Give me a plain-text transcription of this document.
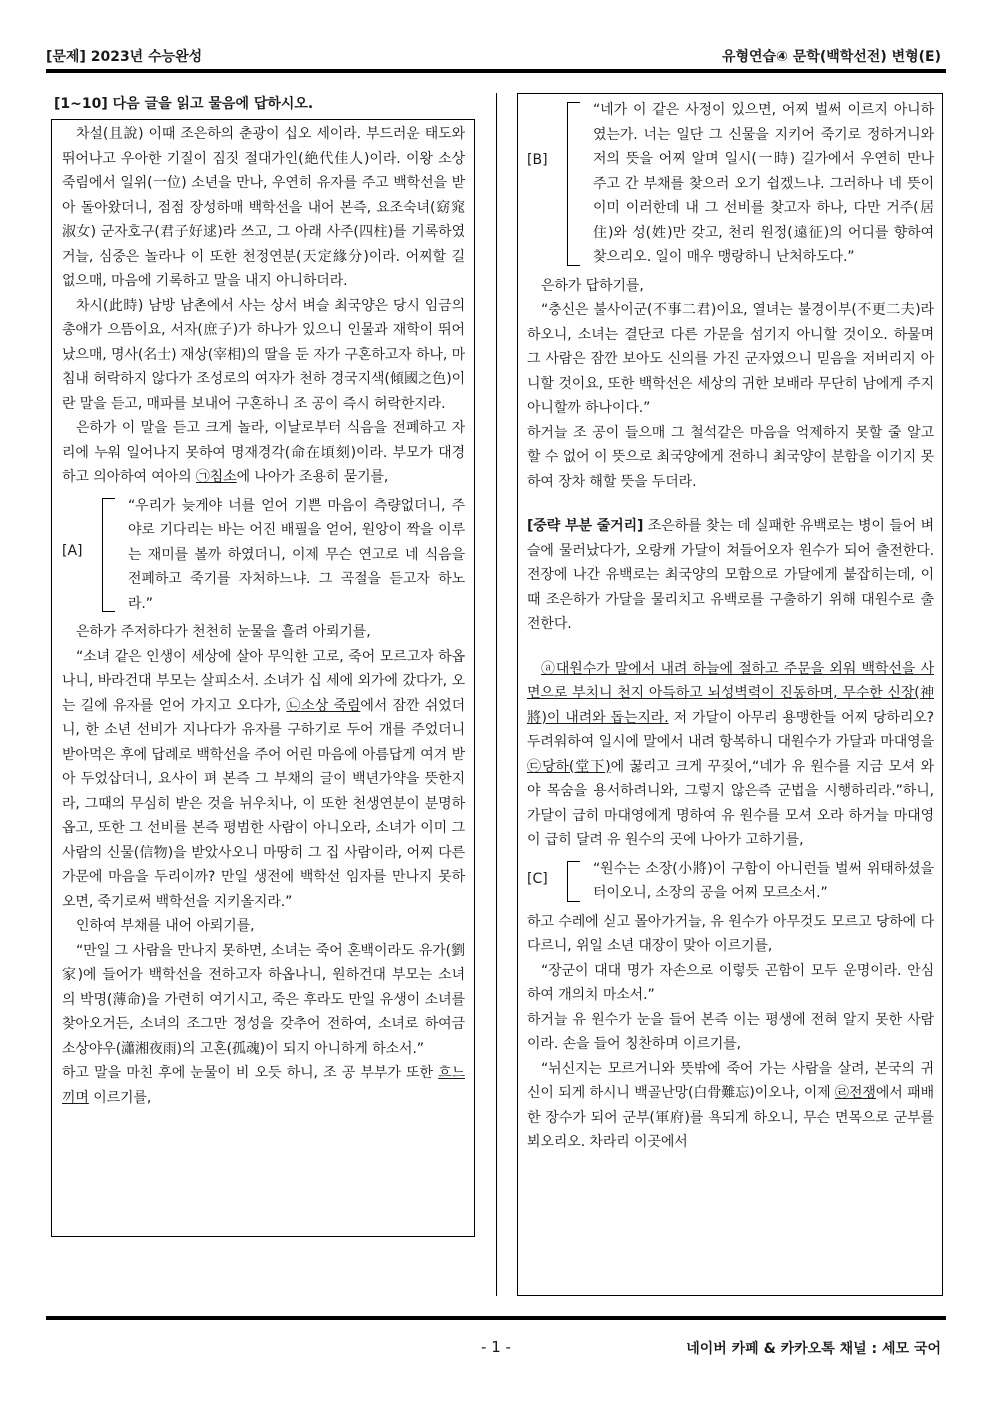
[문제] 2023년 수능완성	유형연습④ 문학(백학선전) 변형(E)
[1~10] 다음 글을 읽고 물음에 답하시오.

차설(且說) 이때 조은하의 춘광이 십오 세이라. 부드러운 태도와 뛰어나고 우아한 기질이 짐짓 절대가인(絶代佳人)이라. 이왕 소상 죽림에서 일위(一位) 소년을 만나, 우연히 유자를 주고 백학선을 받아 돌아왔더니, 점점 장성하매 백학선을 내어 본즉, 요조숙녀(窈窕淑女) 군자호구(君子好逑)라 쓰고, 그 아래 사주(四柱)를 기록하였거늘, 심중은 놀라나 이 또한 천정연분(天定緣分)이라. 어찌할 길 없으매, 마음에 기록하고 말을 내지 아니하더라.

차시(此時) 남방 남촌에서 사는 상서 벼슬 최국양은 당시 임금의 총애가 으뜸이요, 서자(庶子)가 하나가 있으니 인물과 재학이 뛰어났으매, 명사(名士) 재상(宰相)의 딸을 둔 자가 구혼하고자 하나, 마침내 허락하지 않다가 조성로의 여자가 천하 경국지색(傾國之色)이란 말을 듣고, 매파를 보내어 구혼하니 조 공이 즉시 허락한지라.

은하가 이 말을 듣고 크게 놀라, 이날로부터 식음을 전폐하고 자리에 누워 일어나지 못하여 명재경각(命在頃刻)이라. 부모가 대경하고 의아하여 여아의 ㉠침소에 나아가 조용히 묻기를,

[A]

“우리가 늦게야 너를 얻어 기쁜 마음이 측량없더니, 주야로 기다리는 바는 어진 배필을 얻어, 원앙이 짝을 이루는 재미를 볼까 하였더니, 이제 무슨 연고로 네 식음을 전폐하고 죽기를 자처하느냐. 그 곡절을 듣고자 하노라.”

은하가 주저하다가 천천히 눈물을 흘려 아뢰기를,

“소녀 같은 인생이 세상에 살아 무익한 고로, 죽어 모르고자 하옵나니, 바라건대 부모는 살피소서. 소녀가 십 세에 외가에 갔다가, 오는 길에 유자를 얻어 가지고 오다가, ㉡소상 죽림에서 잠깐 쉬었더니, 한 소년 선비가 지나다가 유자를 구하기로 두어 개를 주었더니 받아먹은 후에 답례로 백학선을 주어 어린 마음에 아름답게 여겨 받아 두었삽더니, 요사이 펴 본즉 그 부채의 글이 백년가약을 뜻한지라, 그때의 무심히 받은 것을 뉘우치나, 이 또한 천생연분이 분명하옵고, 또한 그 선비를 본즉 평범한 사람이 아니오라, 소녀가 이미 그 사람의 신물(信物)을 받았사오니 마땅히 그 집 사람이라, 어찌 다른 가문에 마음을 두리이까? 만일 생전에 백학선 임자를 만나지 못하오면, 죽기로써 백학선을 지키올지라.”

인하여 부채를 내어 아뢰기를,

“만일 그 사람을 만나지 못하면, 소녀는 죽어 혼백이라도 유가(劉家)에 들어가 백학선을 전하고자 하옵나니, 원하건대 부모는 소녀의 박명(薄命)을 가련히 여기시고, 죽은 후라도 만일 유생이 소녀를 찾아오거든, 소녀의 조그만 정성을 갖추어 전하여, 소녀로 하여금 소상야우(瀟湘夜雨)의 고혼(孤魂)이 되지 아니하게 하소서.”

하고 말을 마친 후에 눈물이 비 오듯 하니, 조 공 부부가 또한 흐느끼며 이르기를,

[B]

“네가 이 같은 사정이 있으면, 어찌 벌써 이르지 아니하였는가. 너는 일단 그 신물을 지키어 죽기로 정하거니와 저의 뜻을 어찌 알며 일시(一時) 길가에서 우연히 만나 주고 간 부채를 찾으러 오기 쉽겠느냐. 그러하나 네 뜻이 이미 이러한데 내 그 선비를 찾고자 하나, 다만 거주(居住)와 성(姓)만 갖고, 천리 원정(遠征)의 어디를 향하여 찾으리오. 일이 매우 맹랑하니 난처하도다.”

은하가 답하기를,

“충신은 불사이군(不事二君)이요, 열녀는 불경이부(不更二夫)라 하오니, 소녀는 결단코 다른 가문을 섬기지 아니할 것이오. 하물며 그 사람은 잠깐 보아도 신의를 가진 군자였으니 믿음을 저버리지 아니할 것이요, 또한 백학선은 세상의 귀한 보배라 무단히 남에게 주지 아니할까 하나이다.”

하거늘 조 공이 들으매 그 철석같은 마음을 억제하지 못할 줄 알고 할 수 없어 이 뜻으로 최국양에게 전하니 최국양이 분함을 이기지 못하여 장차 해할 뜻을 두더라.

[중략 부분 줄거리] 조은하를 찾는 데 실패한 유백로는 병이 들어 벼슬에 물러났다가, 오랑캐 가달이 쳐들어오자 원수가 되어 출전한다. 전장에 나간 유백로는 최국양의 모함으로 가달에게 붙잡히는데, 이때 조은하가 가달을 물리치고 유백로를 구출하기 위해 대원수로 출전한다.

ⓐ대원수가 말에서 내려 하늘에 절하고 주문을 외워 백학선을 사면으로 부치니 천지 아득하고 뇌성벽력이 진동하며, 무수한 신장(神將)이 내려와 돕는지라. 저 가달이 아무리 용맹한들 어찌 당하리오? 두려워하여 일시에 말에서 내려 항복하니 대원수가 가달과 마대영을 ㉢당하(堂下)에 꿇리고 크게 꾸짖어,“네가 유 원수를 지금 모셔 와야 목숨을 용서하려니와, 그렇지 않은즉 군법을 시행하리라.”하니, 가달이 급히 마대영에게 명하여 유 원수를 모셔 오라 하거늘 마대영이 급히 달려 유 원수의 곳에 나아가 고하기를,

[C]

“원수는 소장(小將)이 구함이 아니런들 벌써 위태하셨을 터이오니, 소장의 공을 어찌 모르소서.”

하고 수레에 싣고 몰아가거늘, 유 원수가 아무것도 모르고 당하에 다다르니, 위일 소년 대장이 맞아 이르기를,

“장군이 대대 명가 자손으로 이렇듯 곤함이 모두 운명이라. 안심하여 개의치 마소서.”

하거늘 유 원수가 눈을 들어 본즉 이는 평생에 전혀 알지 못한 사람이라. 손을 들어 칭찬하며 이르기를,

“뉘신지는 모르거니와 뜻밖에 죽어 가는 사람을 살려, 본국의 귀신이 되게 하시니 백골난망(白骨難忘)이오나, 이제 ㉣전쟁에서 패배한 장수가 되어 군부(軍府)를 욕되게 하오니, 무슨 면목으로 군부를 뵈오리오. 차라리 이곳에서

- 1 -	네이버 카페 & 카카오톡 채널 : 세모 국어
